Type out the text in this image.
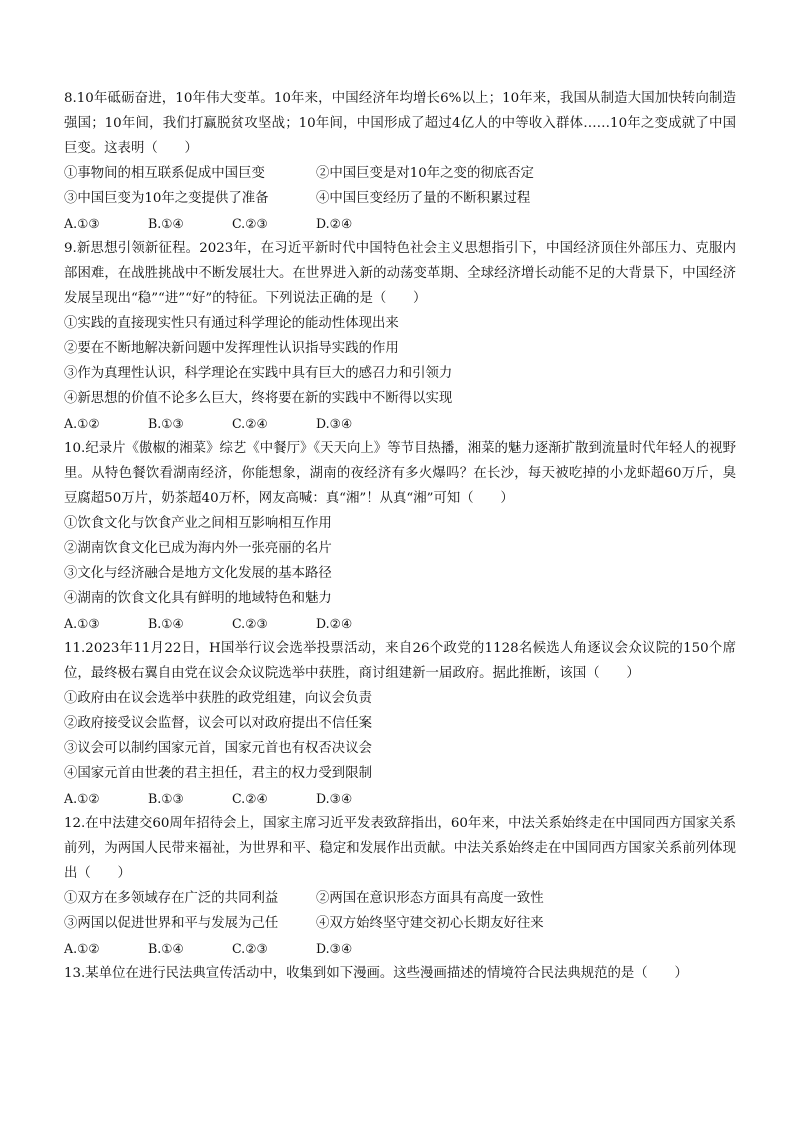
8.10年砥砺奋进，10年伟大变革。10年来，中国经济年均增长6%以上；10年来，我国从制造大国加快转向制造强国；10年间，我们打赢脱贫攻坚战；10年间，中国形成了超过4亿人的中等收入群体……10年之变成就了中国巨变。这表明（　　）

①事物间的相互联系促成中国巨变	②中国巨变是对10年之变的彻底否定
③中国巨变为10年之变提供了准备	④中国巨变经历了量的不断积累过程
A.①③	B.①④	C.②③	D.②④

9.新思想引领新征程。2023年，在习近平新时代中国特色社会主义思想指引下，中国经济顶住外部压力、克服内部困难，在战胜挑战中不断发展壮大。在世界进入新的动荡变革期、全球经济增长动能不足的大背景下，中国经济发展呈现出“稳”“进”“好”的特征。下列说法正确的是（　　）

①实践的直接现实性只有通过科学理论的能动性体现出来

②要在不断地解决新问题中发挥理性认识指导实践的作用

③作为真理性认识，科学理论在实践中具有巨大的感召力和引领力

④新思想的价值不论多么巨大，终将要在新的实践中不断得以实现

A.①②	B.①③	C.②④	D.③④

10.纪录片《傲椒的湘菜》综艺《中餐厅》《天天向上》等节目热播，湘菜的魅力逐渐扩散到流量时代年轻人的视野里。从特色餐饮看湖南经济，你能想象，湖南的夜经济有多火爆吗？在长沙，每天被吃掉的小龙虾超60万斤，臭豆腐超50万片，奶茶超40万杯，网友高喊：真“湘”！从真“湘”可知（　　）

①饮食文化与饮食产业之间相互影响相互作用

②湖南饮食文化已成为海内外一张亮丽的名片

③文化与经济融合是地方文化发展的基本路径

④湖南的饮食文化具有鲜明的地域特色和魅力

A.①③	B.①④	C.②③	D.②④

11.2023年11月22日，H国举行议会选举投票活动，来自26个政党的1128名候选人角逐议会众议院的150个席位，最终极右翼自由党在议会众议院选举中获胜，商讨组建新一届政府。据此推断，该国（　　）

①政府由在议会选举中获胜的政党组建，向议会负责

②政府接受议会监督，议会可以对政府提出不信任案

③议会可以制约国家元首，国家元首也有权否决议会

④国家元首由世袭的君主担任，君主的权力受到限制

A.①②	B.①③	C.②④	D.③④

12.在中法建交60周年招待会上，国家主席习近平发表致辞指出，60年来，中法关系始终走在中国同西方国家关系前列，为两国人民带来福祉，为世界和平、稳定和发展作出贡献。中法关系始终走在中国同西方国家关系前列体现出（　　）

①双方在多领域存在广泛的共同利益	②两国在意识形态方面具有高度一致性
③两国以促进世界和平与发展为己任	④双方始终坚守建交初心长期友好往来
A.①②	B.①④	C.②③	D.③④

13.某单位在进行民法典宣传活动中，收集到如下漫画。这些漫画描述的情境符合民法典规范的是（　　）
